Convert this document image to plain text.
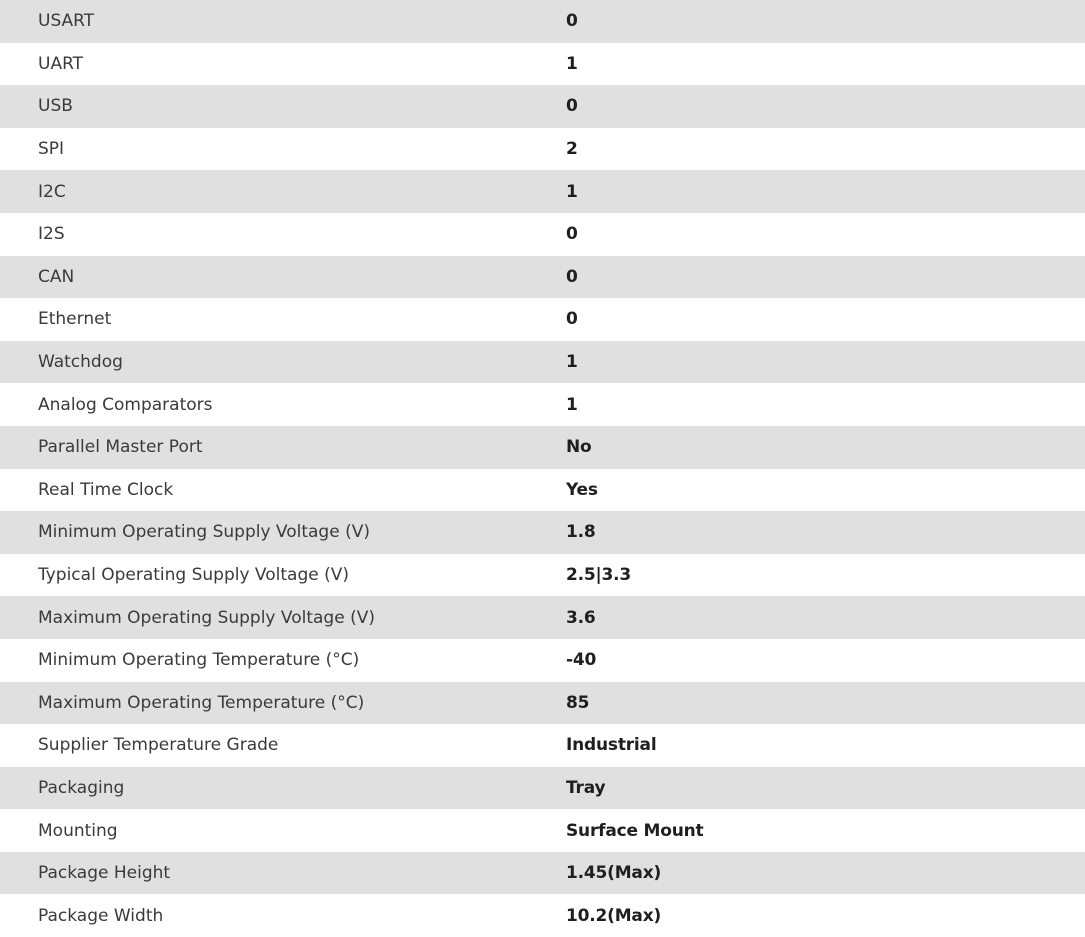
USART	0
UART	1
USB	0
SPI	2
I2C	1
I2S	0
CAN	0
Ethernet	0
Watchdog	1
Analog Comparators	1
Parallel Master Port	No
Real Time Clock	Yes
Minimum Operating Supply Voltage (V)	1.8
Typical Operating Supply Voltage (V)	2.5|3.3
Maximum Operating Supply Voltage (V)	3.6
Minimum Operating Temperature (°C)	-40
Maximum Operating Temperature (°C)	85
Supplier Temperature Grade	Industrial
Packaging	Tray
Mounting	Surface Mount
Package Height	1.45(Max)
Package Width	10.2(Max)
